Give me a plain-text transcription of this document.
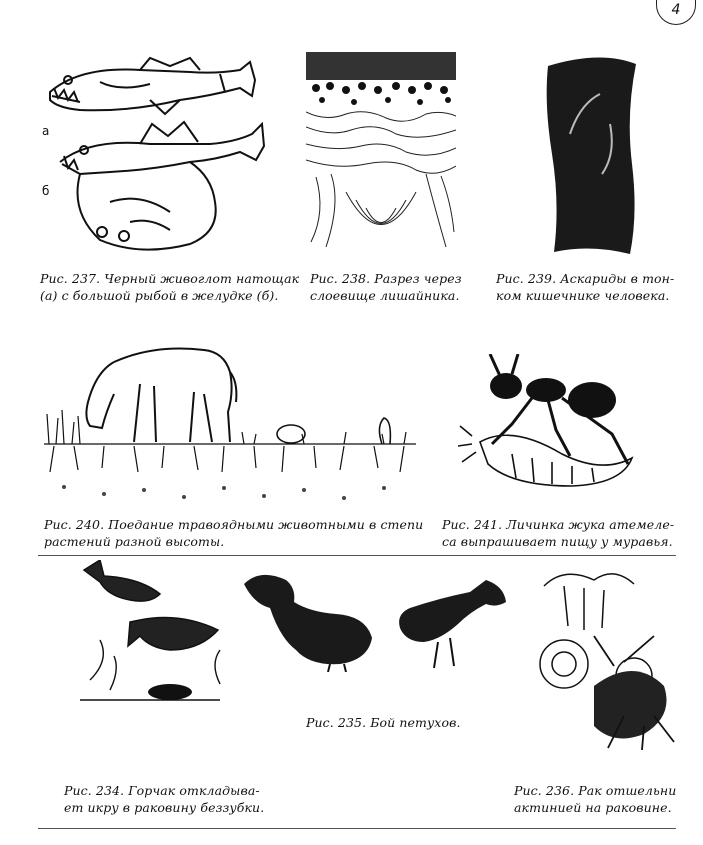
4
а
б
Рис. 237. Черный живоглот натощак
(а) с большой рыбой в желудке (б).
Рис. 238. Разрез через
слоевище лишайника.
Рис. 239. Аскариды в тон-
ком кишечнике человека.
Рис. 240. Поедание травоядными животными в степи
растений разной высоты.
Рис. 241. Личинка жука атемеле-
са выпрашивает пищу у муравья.
Рис. 234. Горчак откладыва-
ет икру в раковину беззубки.
Рис. 235. Бой петухов.
Рис. 236. Рак отшельни
актинией на раковине.
